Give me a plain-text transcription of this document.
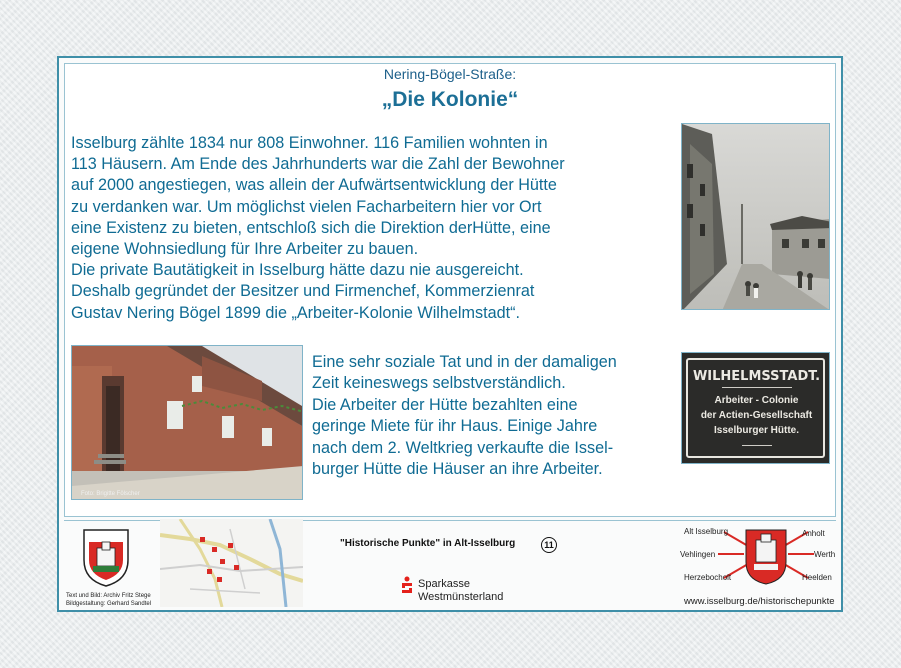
Nering-Bögel-Straße:
„Die Kolonie“

Isselburg zählte 1834 nur 808 Einwohner. 116 Familien wohnten in
113 Häusern. Am Ende des Jahrhunderts war die Zahl der Bewohner
auf 2000 angestiegen, was allein der Aufwärtsentwicklung der Hütte
zu verdanken war. Um möglichst vielen Facharbeitern hier vor Ort
eine Existenz zu bieten, entschloß sich die Direktion derHütte, eine
eigene Wohnsiedlung für Ihre Arbeiter zu bauen.
Die private Bautätigkeit in Isselburg hätte dazu nie ausgereicht.
Deshalb gegründet der Besitzer und Firmenchef, Kommerzienrat
Gustav Nering Bögel 1899 die „Arbeiter-Kolonie Wilhelmstadt“.

Foto: Brigitte Fölscher
Eine sehr soziale Tat und in der damaligen
Zeit keineswegs selbstverständlich.
Die Arbeiter der Hütte bezahlten eine
geringe Miete für ihr Haus. Einige Jahre
nach dem 2. Weltkrieg verkaufte die Issel-
burger Hütte die Häuser an ihre Arbeiter.
WILHELMSSTADT.
Arbeiter - Colonie
der Actien-Gesellschaft
Isselburger Hütte.
"Historische Punkte" in Alt-Isselburg	11
Text und Bild: Archiv Fritz Stege
Bildgestaltung: Gerhard Sandtel
Sparkasse
Westmünsterland
Alt Isselburg	Anholt
Vehlingen	Werth
Herzebocholt	Heelden
www.isselburg.de/historischepunkte
